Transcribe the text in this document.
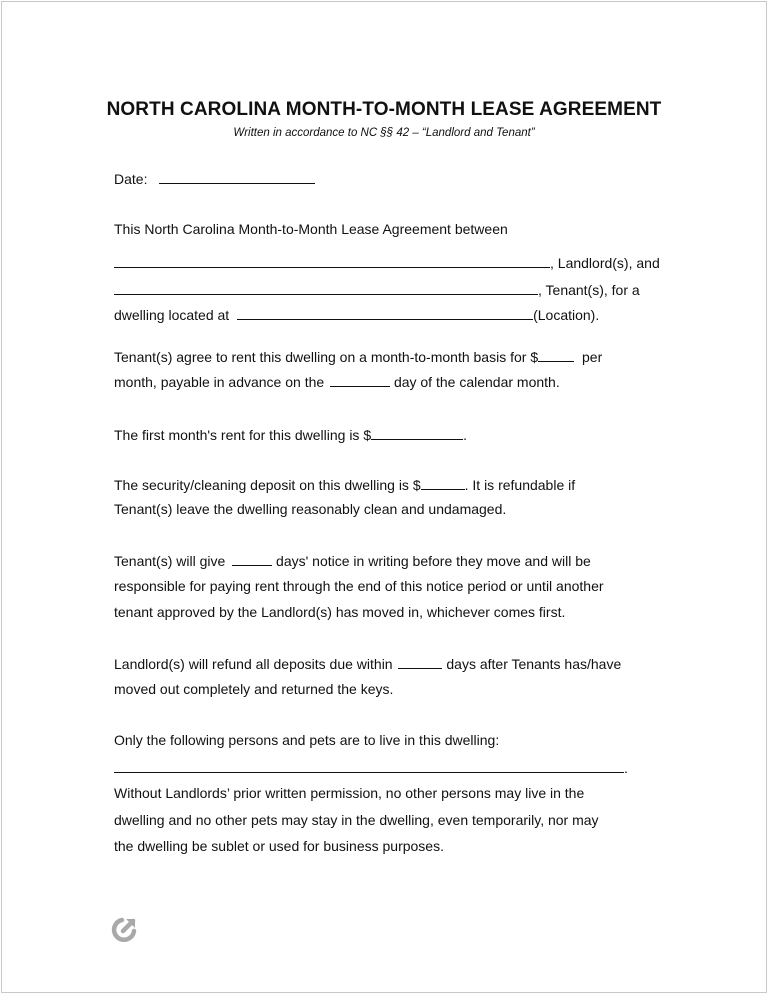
NORTH CAROLINA MONTH-TO-MONTH LEASE AGREEMENT
Written in accordance to NC §§ 42 – “Landlord and Tenant”
Date:
This North Carolina Month-to-Month Lease Agreement between
, Landlord(s), and
, Tenant(s), for a
dwelling located at	(Location).
Tenant(s) agree to rent this dwelling on a month-to-month basis for $	per
month, payable in advance on the	day of the calendar month.
The first month's rent for this dwelling is $	.
The security/cleaning deposit on this dwelling is $	. It is refundable if
Tenant(s) leave the dwelling reasonably clean and undamaged.
Tenant(s) will give	days' notice in writing before they move and will be
responsible for paying rent through the end of this notice period or until another
tenant approved by the Landlord(s) has moved in, whichever comes first.
Landlord(s) will refund all deposits due within	days after Tenants has/have
moved out completely and returned the keys.
Only the following persons and pets are to live in this dwelling:
.
Without Landlords’ prior written permission, no other persons may live in the
dwelling and no other pets may stay in the dwelling, even temporarily, nor may
the dwelling be sublet or used for business purposes.
